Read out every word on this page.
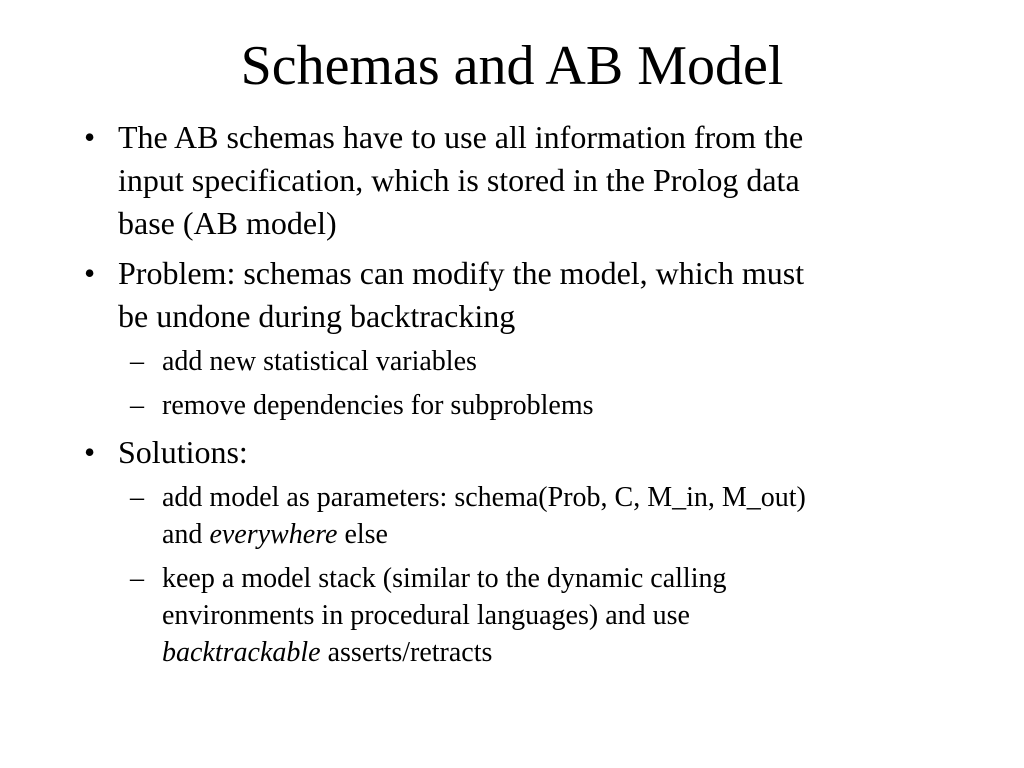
Schemas and AB Model
• The AB schemas have to use all information from the
input specification, which is stored in the Prolog data
base (AB model)
• Problem: schemas can modify the model, which must
be undone during backtracking
– add new statistical variables
– remove dependencies for subproblems
• Solutions:
– add model as parameters: schema(Prob, C, M_in, M_out)
and everywhere else
– keep a model stack (similar to the dynamic calling
environments in procedural languages) and use
backtrackable asserts/retracts
